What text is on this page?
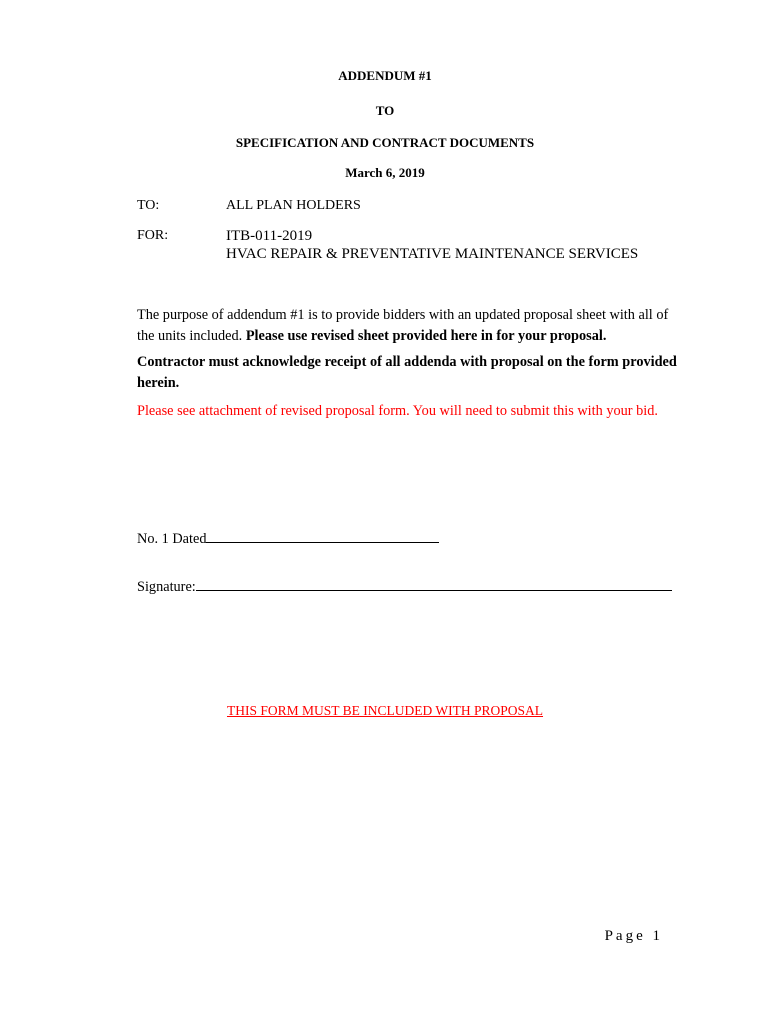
ADDENDUM #1
TO
SPECIFICATION AND CONTRACT DOCUMENTS
March 6, 2019
TO:	ALL PLAN HOLDERS
FOR:	ITB-011-2019
HVAC REPAIR & PREVENTATIVE MAINTENANCE SERVICES
The purpose of addendum #1 is to provide bidders with an updated proposal sheet with all of the units included. Please use revised sheet provided here in for your proposal.
Contractor must acknowledge receipt of all addenda with proposal on the form provided herein.
Please see attachment of revised proposal form. You will need to submit this with your bid.
No. 1 Dated
Signature:
THIS FORM MUST BE INCLUDED WITH PROPOSAL
Page 1
